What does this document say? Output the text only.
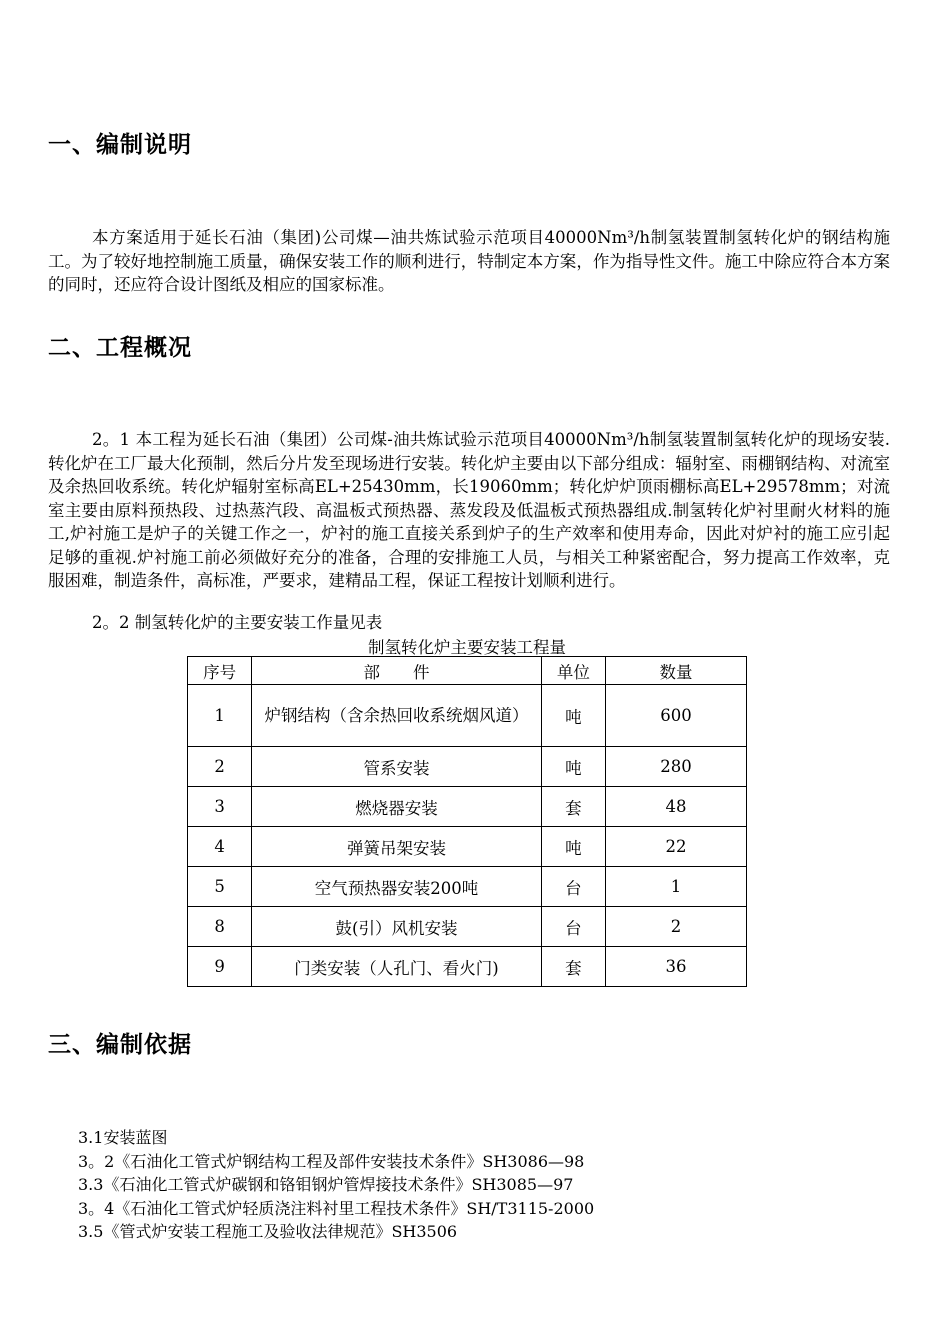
一、编制说明

本方案适用于延长石油（集团)公司煤—油共炼试验示范项目40000Nm³/h制氢装置制氢转化炉的钢结构施工。为了较好地控制施工质量，确保安装工作的顺利进行，特制定本方案，作为指导性文件。施工中除应符合本方案的同时，还应符合设计图纸及相应的国家标准。

二、工程概况

2。1 本工程为延长石油（集团）公司煤-油共炼试验示范项目40000Nm³/h制氢装置制氢转化炉的现场安装.转化炉在工厂最大化预制，然后分片发至现场进行安装。转化炉主要由以下部分组成：辐射室、雨棚钢结构、对流室及余热回收系统。转化炉辐射室标高EL+25430mm，长19060mm；转化炉炉顶雨棚标高EL+29578mm；对流室主要由原料预热段、过热蒸汽段、高温板式预热器、蒸发段及低温板式预热器组成.制氢转化炉衬里耐火材料的施工,炉衬施工是炉子的关键工作之一，炉衬的施工直接关系到炉子的生产效率和使用寿命，因此对炉衬的施工应引起足够的重视.炉衬施工前必须做好充分的准备，合理的安排施工人员，与相关工种紧密配合，努力提高工作效率，克服困难，制造条件，高标准，严要求，建精品工程，保证工程按计划顺利进行。

2。2 制氢转化炉的主要安装工作量见表

制氢转化炉主要安装工程量
序号	部　　件	单位	数量
1	炉钢结构（含余热回收系统烟风道）	吨	600
2	管系安装	吨	280
3	燃烧器安装	套	48
4	弹簧吊架安装	吨	22
5	空气预热器安装200吨	台	1
8	鼓(引）风机安装	台	2
9	门类安装（人孔门、看火门)	套	36
三、编制依据
3.1安装蓝图
3。2《石油化工管式炉钢结构工程及部件安装技术条件》SH3086—98
3.3《石油化工管式炉碳钢和铬钼钢炉管焊接技术条件》SH3085—97
3。4《石油化工管式炉轻质浇注料衬里工程技术条件》SH/T3115-2000
3.5《管式炉安装工程施工及验收法律规范》SH3506
